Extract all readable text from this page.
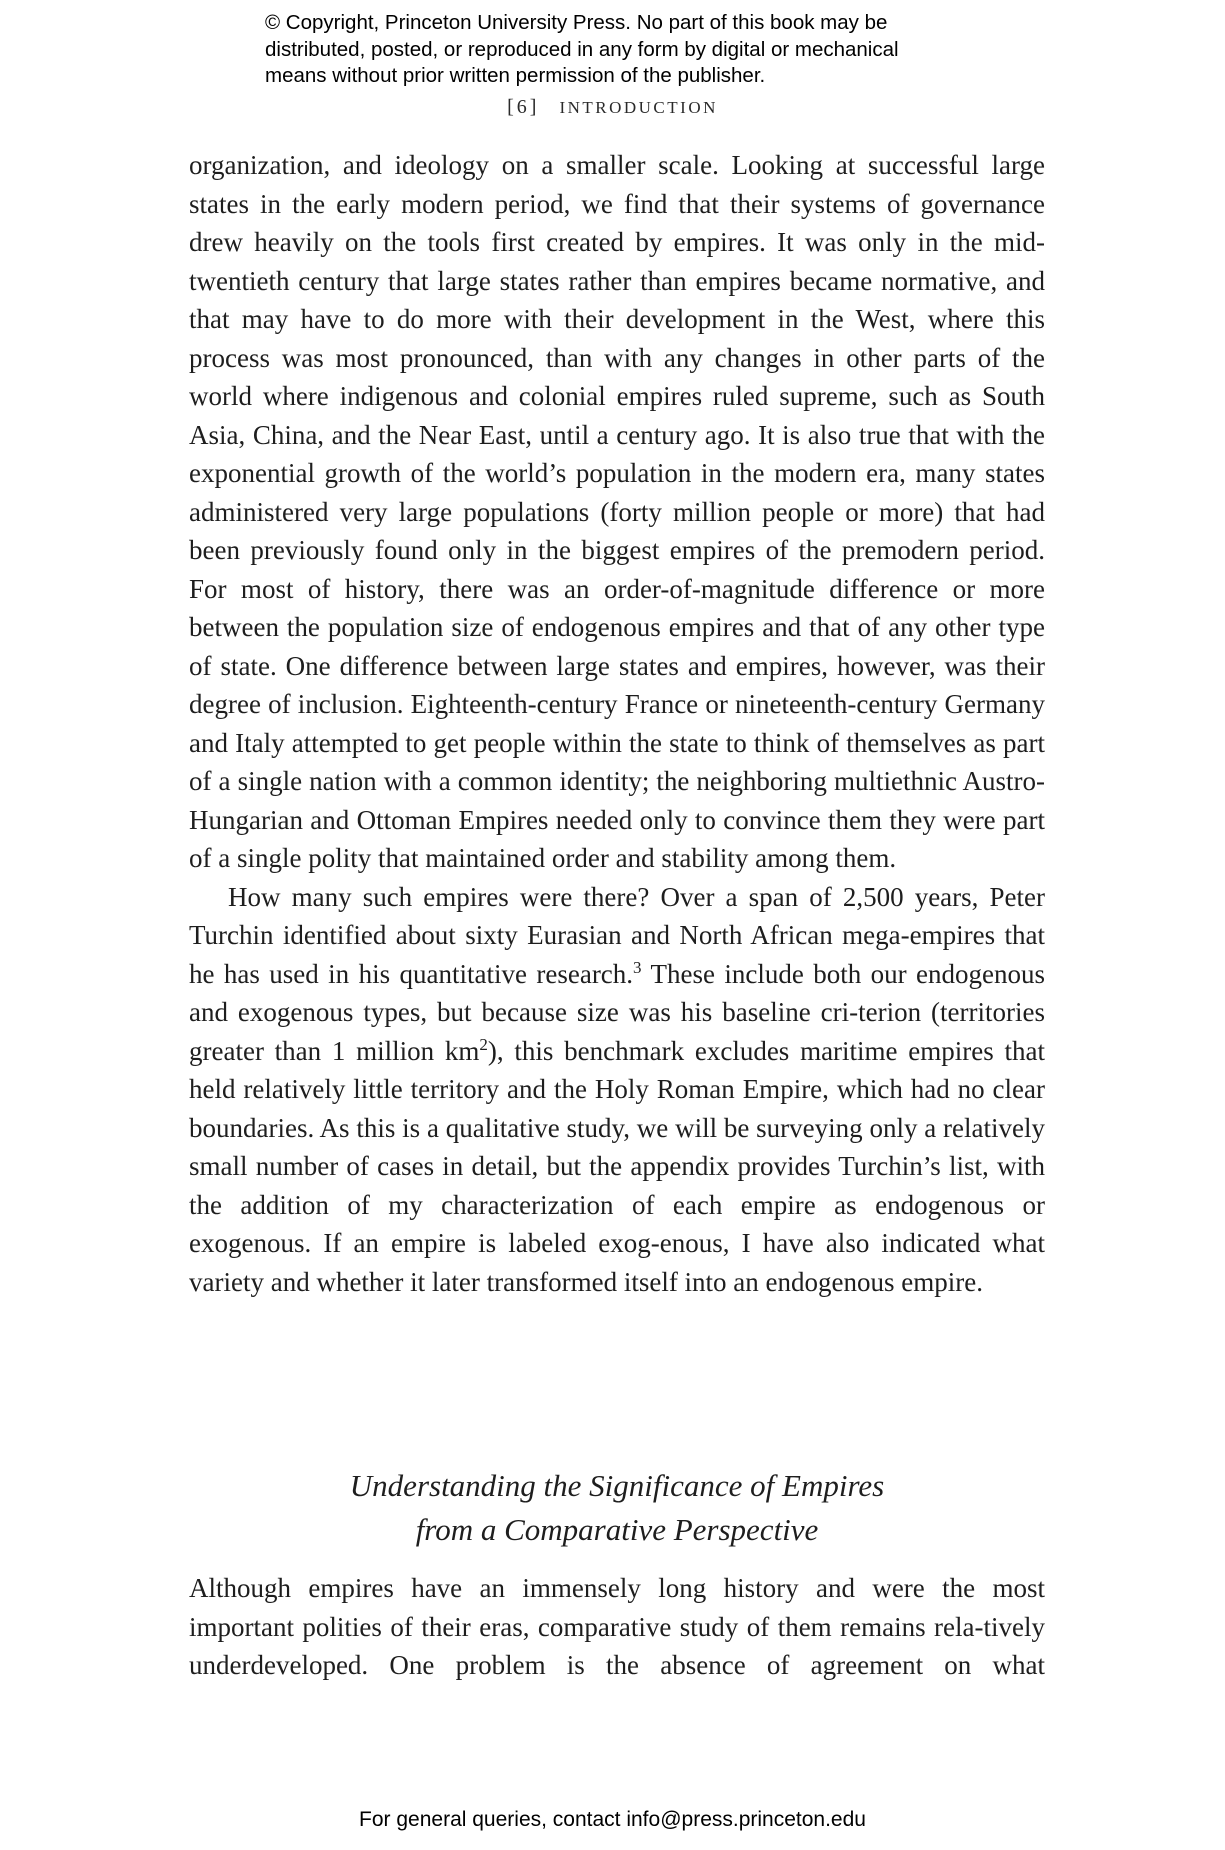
© Copyright, Princeton University Press. No part of this book may be
distributed, posted, or reproduced in any form by digital or mechanical
means without prior written permission of the publisher.
[6] INTRODUCTION

organization, and ideology on a smaller scale. Looking at successful large states in the early modern period, we find that their systems of governance drew heavily on the tools first created by empires. It was only in the mid-twentieth century that large states rather than empires became normative, and that may have to do more with their development in the West, where this process was most pronounced, than with any changes in other parts of the world where indigenous and colonial empires ruled supreme, such as South Asia, China, and the Near East, until a century ago. It is also true that with the exponential growth of the world’s population in the modern era, many states administered very large populations (forty million people or more) that had been previously found only in the biggest empires of the premodern period. For most of history, there was an order-of-magnitude difference or more between the population size of endogenous empires and that of any other type of state. One difference between large states and empires, however, was their degree of inclusion. Eighteenth-century France or nineteenth-century Germany and Italy attempted to get people within the state to think of themselves as part of a single nation with a common identity; the neighboring multiethnic Austro-Hungarian and Ottoman Empires needed only to convince them they were part of a single polity that maintained order and stability among them.

How many such empires were there? Over a span of 2,500 years, Peter Turchin identified about sixty Eurasian and North African mega-empires that he has used in his quantitative research.$^3$ These include both our endogenous and exogenous types, but because size was his baseline cri-terion (territories greater than 1 million $km^2$), this benchmark excludes maritime empires that held relatively little territory and the Holy Roman Empire, which had no clear boundaries. As this is a qualitative study, we will be surveying only a relatively small number of cases in detail, but the appendix provides Turchin’s list, with the addition of my characterization of each empire as endogenous or exogenous. If an empire is labeled exog-enous, I have also indicated what variety and whether it later transformed itself into an endogenous empire.

Understanding the Significance of Empires
from a Comparative Perspective

Although empires have an immensely long history and were the most important polities of their eras, comparative study of them remains rela-tively underdeveloped. One problem is the absence of agreement on what

For general queries, contact info@press.princeton.edu
